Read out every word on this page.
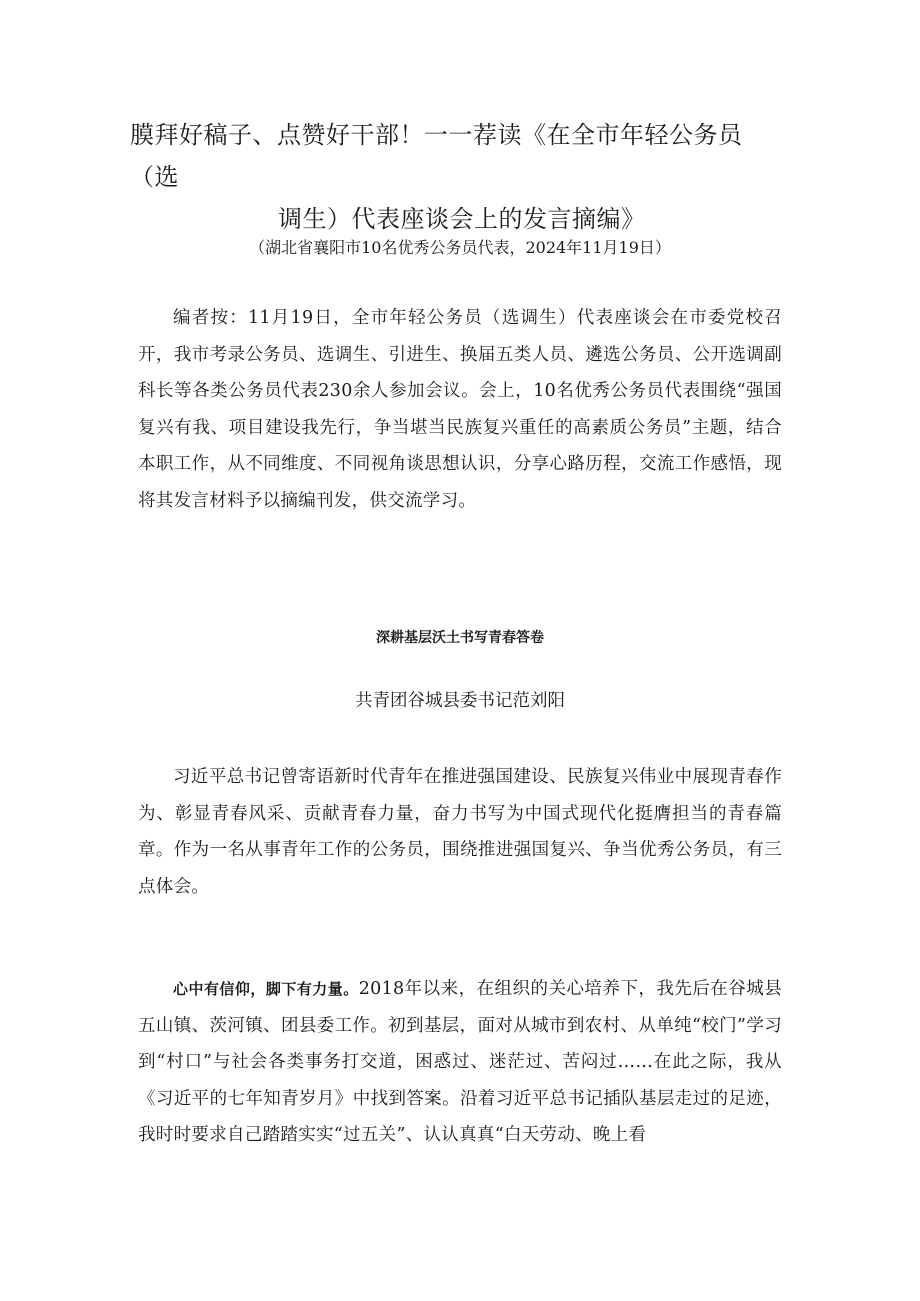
膜拜好稿子、点赞好干部！一一荐读《在全市年轻公务员（选
调生）代表座谈会上的发言摘编》

（湖北省襄阳市10名优秀公务员代表，2024年11月19日）

编者按：11月19日，全市年轻公务员（选调生）代表座谈会在市委党校召开，我市考录公务员、选调生、引进生、换届五类人员、遴选公务员、公开选调副科长等各类公务员代表230余人参加会议。会上，10名优秀公务员代表围绕“强国复兴有我、项目建设我先行，争当堪当民族复兴重任的高素质公务员”主题，结合本职工作，从不同维度、不同视角谈思想认识，分享心路历程，交流工作感悟，现将其发言材料予以摘编刊发，供交流学习。

深耕基层沃土书写青春答卷

共青团谷城县委书记范刘阳

习近平总书记曾寄语新时代青年在推进强国建设、民族复兴伟业中展现青春作为、彰显青春风采、贡献青春力量，奋力书写为中国式现代化挺膺担当的青春篇章。作为一名从事青年工作的公务员，围绕推进强国复兴、争当优秀公务员，有三点体会。

心中有信仰，脚下有力量。2018年以来，在组织的关心培养下，我先后在谷城县五山镇、茨河镇、团县委工作。初到基层，面对从城市到农村、从单纯“校门”学习到“村口”与社会各类事务打交道，困惑过、迷茫过、苦闷过……在此之际，我从《习近平的七年知青岁月》中找到答案。沿着习近平总书记插队基层走过的足迹，我时时要求自己踏踏实实“过五关”、认认真真“白天劳动、晚上看
